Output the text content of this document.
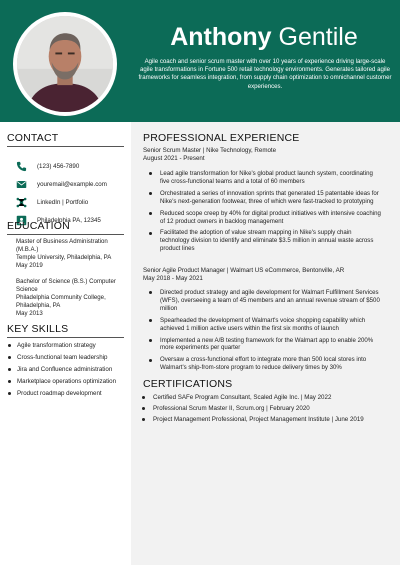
Anthony Gentile

Agile coach and senior scrum master with over 10 years of experience driving large-scale agile transformations in Fortune 500 retail technology environments. Generates tailored agile frameworks for seamless integration, from supply chain optimization to omnichannel customer experiences.

CONTACT
(123) 456-7890
youremail@example.com
LinkedIn | Portfolio
Philadelphia PA, 12345
EDUCATION
Master of Business Administration (M.B.A.)
Temple University, Philadelphia, PA
May 2019
Bachelor of Science (B.S.) Computer Science
Philadelphia Community College, Philadelphia, PA
May 2013
KEY SKILLS
Agile transformation strategy
Cross-functional team leadership
Jira and Confluence administration
Marketplace operations optimization
Product roadmap development
PROFESSIONAL EXPERIENCE
Senior Scrum Master | Nike Technology, Remote
August 2021 - Present
Lead agile transformation for Nike's global product launch system, coordinating five cross-functional teams and a total of 60 members
Orchestrated a series of innovation sprints that generated 15 patentable ideas for Nike's next-generation footwear, three of which were fast-tracked to prototyping
Reduced scope creep by 40% for digital product initiatives with intensive coaching of 12 product owners in backlog management
Facilitated the adoption of value stream mapping in Nike's supply chain technology division to identify and eliminate $3.5 million in annual waste across product lines
Senior Agile Product Manager | Walmart US eCommerce, Bentonville, AR
May 2018 - May 2021
Directed product strategy and agile development for Walmart Fulfillment Services (WFS), overseeing a team of 45 members and an annual revenue stream of $500 million
Spearheaded the development of Walmart's voice shopping capability which achieved 1 million active users within the first six months of launch
Implemented a new A/B testing framework for the Walmart app to enable 200% more experiments per quarter
Oversaw a cross-functional effort to integrate more than 500 local stores into Walmart's ship-from-store program to reduce delivery times by 30%
CERTIFICATIONS
Certified SAFe Program Consultant, Scaled Agile Inc. | May 2022
Professional Scrum Master II, Scrum.org | February 2020
Project Management Professional, Project Management Institute | June 2019
